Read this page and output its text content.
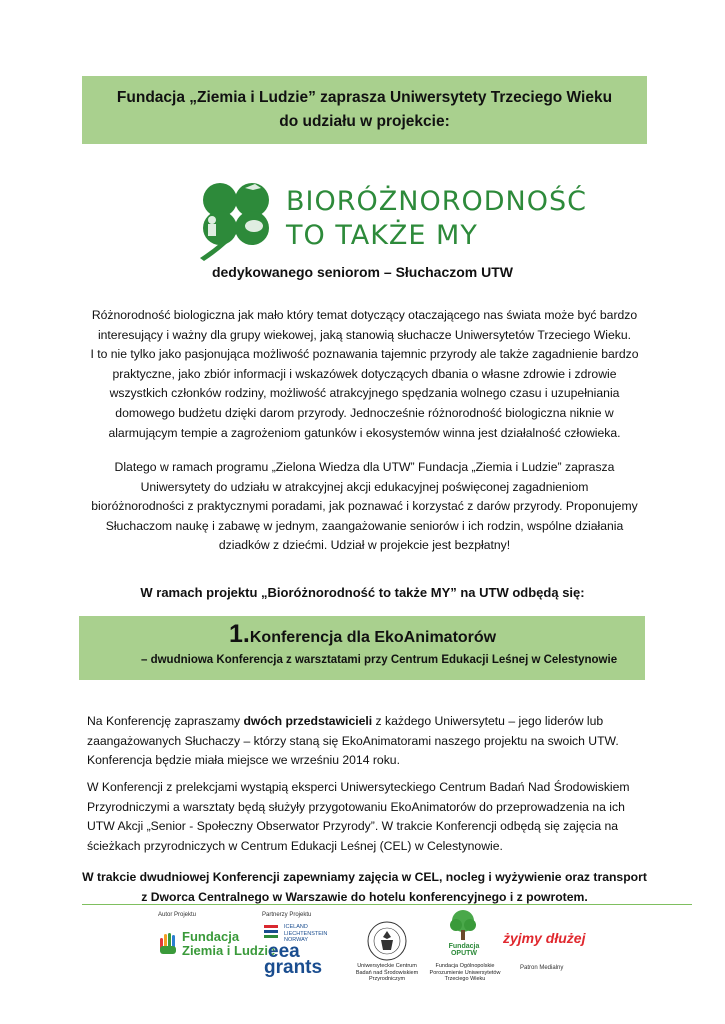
Fundacja „Ziemia i Ludzie” zaprasza Uniwersytety Trzeciego Wieku
do udziału w projekcie:
BIORÓŻNORODNOŚĆ
TO TAKŻE MY
dedykowanego seniorom – Słuchaczom UTW
Różnorodność biologiczna jak mało który temat dotyczący otaczającego nas świata może być bardzo
interesujący i ważny dla grupy wiekowej, jaką stanowią słuchacze Uniwersytetów Trzeciego Wieku.
I to nie tylko jako pasjonująca możliwość poznawania tajemnic przyrody ale także zagadnienie bardzo
praktyczne, jako zbiór informacji i wskazówek dotyczących dbania o własne zdrowie i zdrowie
wszystkich członków rodziny, możliwość atrakcyjnego spędzania wolnego czasu i uzupełniania
domowego budżetu dzięki darom przyrody. Jednocześnie różnorodność biologiczna niknie w
alarmującym tempie a zagrożeniom gatunków i ekosystemów winna jest działalność człowieka.
Dlatego w ramach programu „Zielona Wiedza dla UTW” Fundacja „Ziemia i Ludzie” zaprasza
Uniwersytety do udziału w atrakcyjnej akcji edukacyjnej poświęconej zagadnieniom
bioróżnorodności z praktycznymi poradami, jak poznawać i korzystać z darów przyrody. Proponujemy
Słuchaczom naukę i zabawę w jednym, zaangażowanie seniorów i ich rodzin, wspólne działania
dziadków z dziećmi. Udział w projekcie jest bezpłatny!
W ramach projektu „Bioróżnorodność to także MY” na UTW odbędą się:
1.Konferencja dla EkoAnimatorów
– dwudniowa Konferencja z warsztatami przy Centrum Edukacji Leśnej w Celestynowie
Na Konferencję zapraszamy dwóch przedstawicieli z każdego Uniwersytetu – jego liderów lub
zaangażowanych Słuchaczy – którzy staną się EkoAnimatorami naszego projektu na swoich UTW.
Konferencja będzie miała miejsce we wrześniu 2014 roku.
W Konferencji z prelekcjami wystąpią eksperci Uniwersyteckiego Centrum Badań Nad Środowiskiem
Przyrodniczymi a warsztaty będą służyły przygotowaniu EkoAnimatorów do przeprowadzenia na ich
UTW Akcji „Senior - Społeczny Obserwator Przyrody”. W trakcie Konferencji odbędą się zajęcia na
ścieżkach przyrodniczych w Centrum Edukacji Leśnej (CEL) w Celestynowie.
W trakcie dwudniowej Konferencji zapewniamy zajęcia w CEL, nocleg i wyżywienie oraz transport
z Dworca Centralnego w Warszawie do hotelu konferencyjnego i z powrotem.
Autor Projektu
Fundacja
Ziemia i Ludzie
Partnerzy Projektu
ICELAND LIECHTENSTEIN NORWAY
eea
grants	Uniwersyteckie Centrum Badań nad Środowiskiem Przyrodniczym
Fundacja OPUTW
Fundacja Ogólnopolskie Porozumienie Uniwersytetów Trzeciego Wieku
żyjmy dłużej
Patron Medialny
